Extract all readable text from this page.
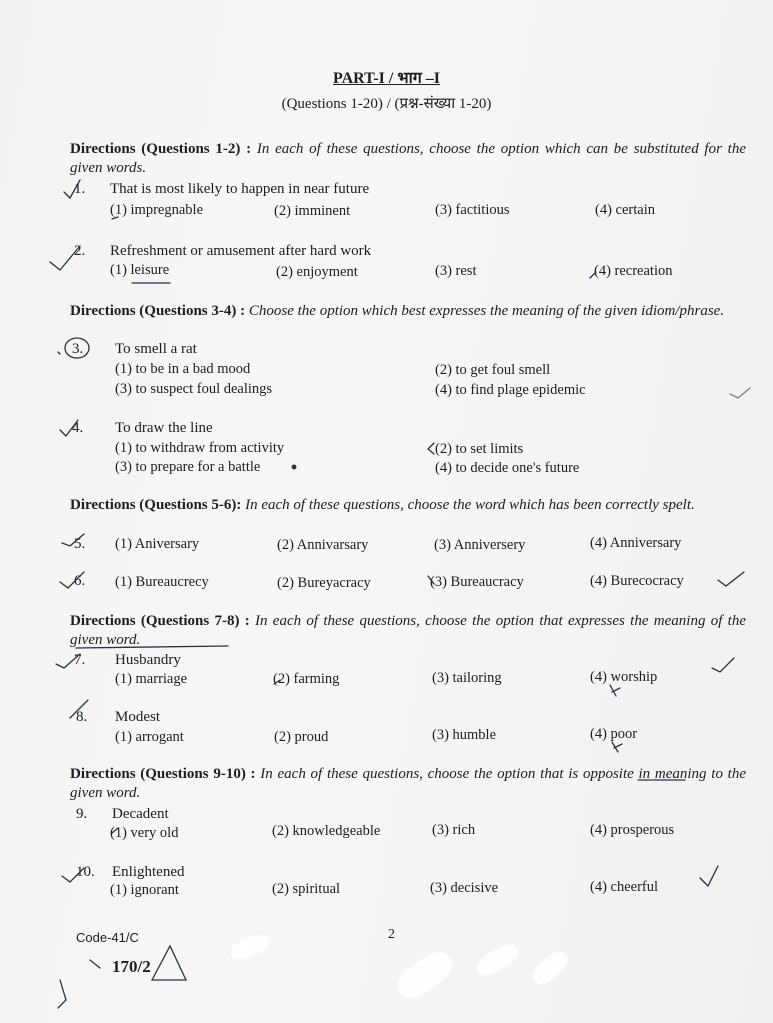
PART-I / भाग –I
(Questions 1-20) / (प्रश्न-संख्या 1-20)
Directions (Questions 1-2) : In each of these questions, choose the option which can be substituted for the given words.
1. That is most likely to happen in near future
(1) impregnable	(2) imminent	(3) factitious	(4) certain
2. Refreshment or amusement after hard work
(1) leisure	(2) enjoyment	(3) rest	(4) recreation
Directions (Questions 3-4) : Choose the option which best expresses the meaning of the given idiom/phrase.
3. To smell a rat
(1) to be in a bad mood	(2) to get foul smell
(3) to suspect foul dealings	(4) to find plage epidemic
4. To draw the line
(1) to withdraw from activity	(2) to set limits
(3) to prepare for a battle	(4) to decide one's future
Directions (Questions 5-6): In each of these questions, choose the word which has been correctly spelt.
5. (1) Aniversary	(2) Annivarsary	(3) Anniversery	(4) Anniversary
6. (1) Bureaucrecy	(2) Bureyacracy	(3) Bureaucracy	(4) Burecocracy
Directions (Questions 7-8) : In each of these questions, choose the option that expresses the meaning of the given word.
7. Husbandry
(1) marriage	(2) farming	(3) tailoring	(4) worship
8. Modest
(1) arrogant	(2) proud	(3) humble	(4) poor
Directions (Questions 9-10) : In each of these questions, choose the option that is opposite in meaning to the given word.
9. Decadent
(1) very old	(2) knowledgeable	(3) rich	(4) prosperous
10. Enlightened
(1) ignorant	(2) spiritual	(3) decisive	(4) cheerful
Code-41/C	2
170/2
